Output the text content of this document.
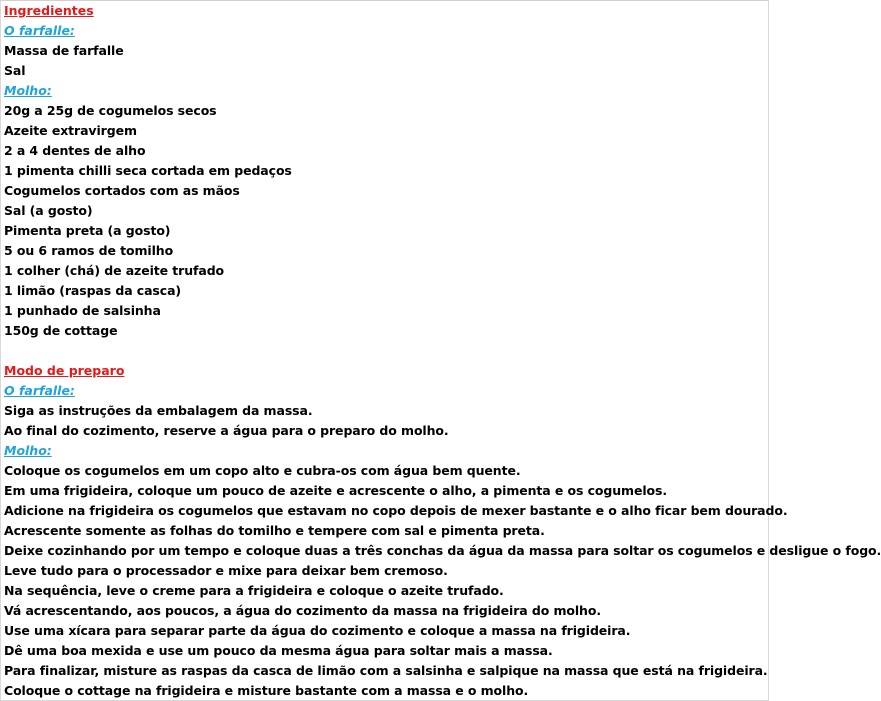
Ingredientes
O farfalle:
Massa de farfalle
Sal
Molho:
20g a 25g de cogumelos secos
Azeite extravirgem
2 a 4 dentes de alho
1 pimenta chilli seca cortada em pedaços
Cogumelos cortados com as mãos
Sal (a gosto)
Pimenta preta (a gosto)
5 ou 6 ramos de tomilho
1 colher (chá) de azeite trufado
1 limão (raspas da casca)
1 punhado de salsinha
150g de cottage
Modo de preparo
O farfalle:
Siga as instruções da embalagem da massa.
Ao final do cozimento, reserve a água para o preparo do molho.
Molho:
Coloque os cogumelos em um copo alto e cubra-os com água bem quente.
Em uma frigideira, coloque um pouco de azeite e acrescente o alho, a pimenta e os cogumelos.
Adicione na frigideira os cogumelos que estavam no copo depois de mexer bastante e o alho ficar bem dourado.
Acrescente somente as folhas do tomilho e tempere com sal e pimenta preta.
Deixe cozinhando por um tempo e coloque duas a três conchas da água da massa para soltar os cogumelos e desligue o fogo.
Leve tudo para o processador e mixe para deixar bem cremoso.
Na sequência, leve o creme para a frigideira e coloque o azeite trufado.
Vá acrescentando, aos poucos, a água do cozimento da massa na frigideira do molho.
Use uma xícara para separar parte da água do cozimento e coloque a massa na frigideira.
Dê uma boa mexida e use um pouco da mesma água para soltar mais a massa.
Para finalizar, misture as raspas da casca de limão com a salsinha e salpique na massa que está na frigideira.
Coloque o cottage na frigideira e misture bastante com a massa e o molho.
